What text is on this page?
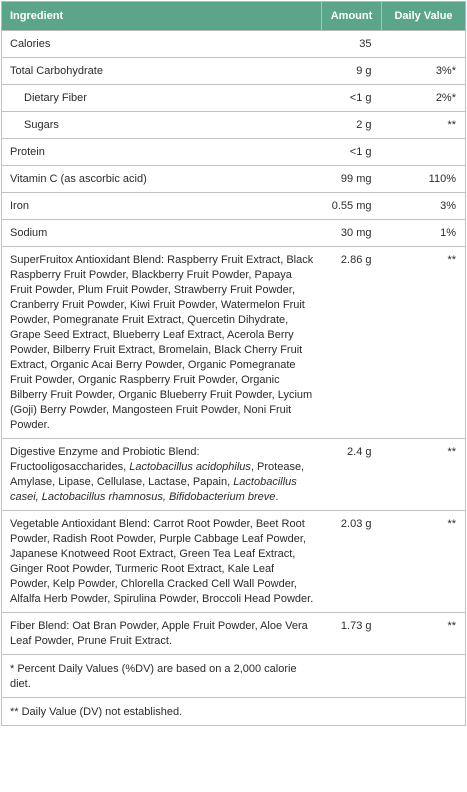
Ingredient	Amount	Daily Value

Calories	35	

Total Carbohydrate	9 g	3%*

Dietary Fiber	<1 g	2%*

Sugars	2 g	**

Protein	<1 g	

Vitamin C (as ascorbic acid)	99 mg	110%

Iron	0.55 mg	3%

Sodium	30 mg	1%

SuperFruitox Antioxidant Blend: Raspberry Fruit Extract, Black Raspberry Fruit Powder, Blackberry Fruit Powder, Papaya Fruit Powder, Plum Fruit Powder, Strawberry Fruit Powder, Cranberry Fruit Powder, Kiwi Fruit Powder, Watermelon Fruit Powder, Pomegranate Fruit Extract, Quercetin Dihydrate, Grape Seed Extract, Blueberry Leaf Extract, Acerola Berry Powder, Bilberry Fruit Extract, Bromelain, Black Cherry Fruit Extract, Organic Acai Berry Powder, Organic Pomegranate Fruit Powder, Organic Raspberry Fruit Powder, Organic Bilberry Fruit Powder, Organic Blueberry Fruit Powder, Lycium (Goji) Berry Powder, Mangosteen Fruit Powder, Noni Fruit Powder.	2.86 g	**

Digestive Enzyme and Probiotic Blend: Fructooligosaccharides, Lactobacillus acidophilus, Protease, Amylase, Lipase, Cellulase, Lactase, Papain, Lactobacillus casei, Lactobacillus rhamnosus, Bifidobacterium breve.	2.4 g	**

Vegetable Antioxidant Blend: Carrot Root Powder, Beet Root Powder, Radish Root Powder, Purple Cabbage Leaf Powder, Japanese Knotweed Root Extract, Green Tea Leaf Extract, Ginger Root Powder, Turmeric Root Extract, Kale Leaf Powder, Kelp Powder, Chlorella Cracked Cell Wall Powder, Alfalfa Herb Powder, Spirulina Powder, Broccoli Head Powder.	2.03 g	**

Fiber Blend: Oat Bran Powder, Apple Fruit Powder, Aloe Vera Leaf Powder, Prune Fruit Extract.	1.73 g	**

* Percent Daily Values (%DV) are based on a 2,000 calorie diet.		

** Daily Value (DV) not established.		
